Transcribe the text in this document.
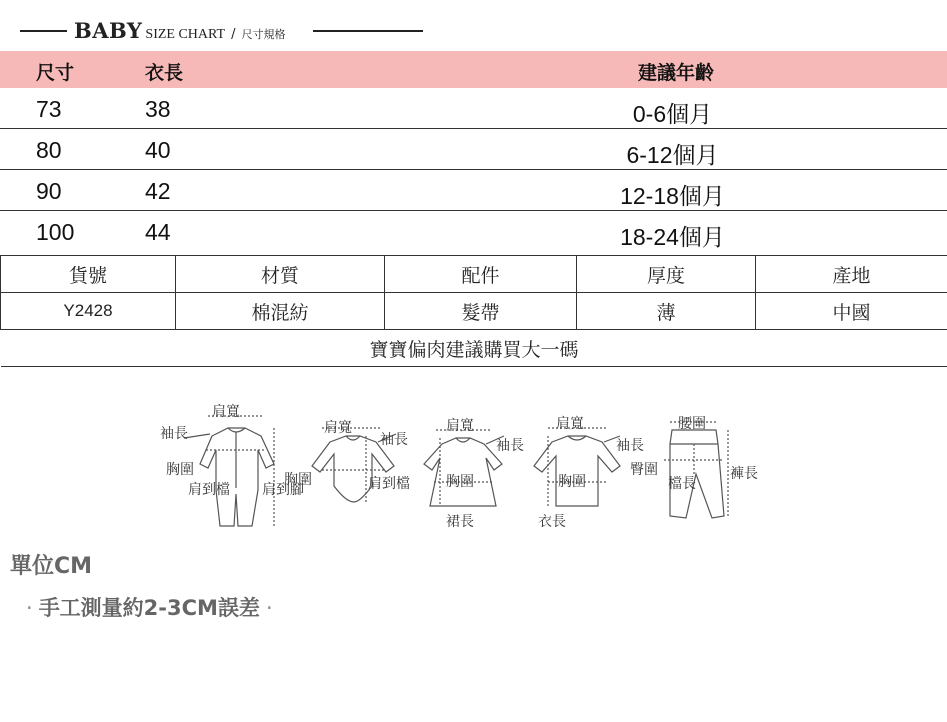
BABY SIZE CHART / 尺寸規格
尺寸	衣長	建議年齡
73	38	0-6個月
80	40	6-12個月
90	42	12-18個月
100	44	18-24個月
貨號	材質	配件	厚度	產地
Y2428	棉混紡	髮帶	薄	中國
寶寶偏肉建議購買大一碼				
肩寬
袖長
胸圍
肩到檔 肩到腳
肩寬
袖長
胸圍	肩到檔
肩寬
袖長
胸圍
裙長
肩寬
袖長
胸圍
衣長
腰圍
臀圍
檔長
褲長
單位CM
· 手工測量約2-3CM誤差 ·
